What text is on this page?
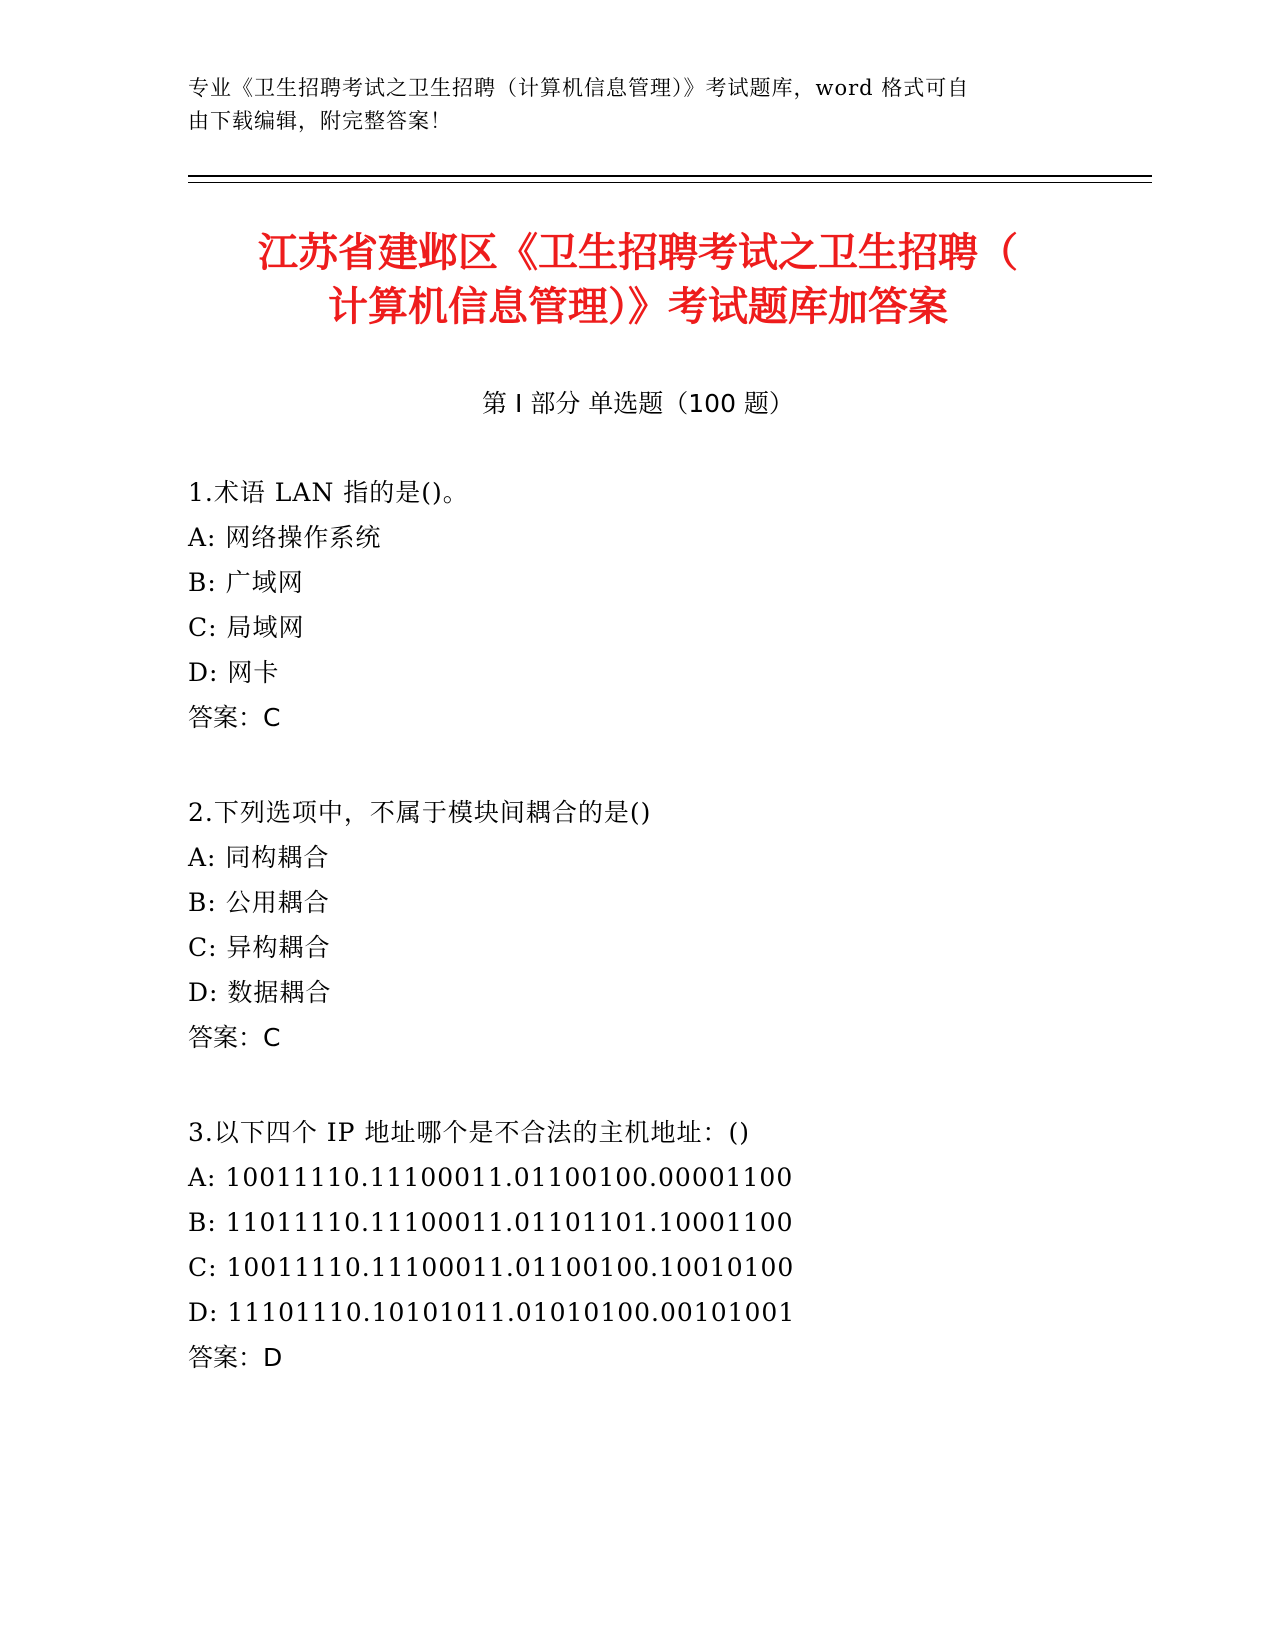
专业《卫生招聘考试之卫生招聘（计算机信息管理）》考试题库，word 格式可自
由下载编辑，附完整答案！
江苏省建邺区《卫生招聘考试之卫生招聘（
计算机信息管理）》考试题库加答案
第 I 部分 单选题（100 题）
1.术语 LAN 指的是()。
A: 网络操作系统
B: 广域网
C: 局域网
D: 网卡
答案：C
2.下列选项中，不属于模块间耦合的是()
A: 同构耦合
B: 公用耦合
C: 异构耦合
D: 数据耦合
答案：C
3.以下四个 IP 地址哪个是不合法的主机地址：()
A: 10011110.11100011.01100100.00001100
B: 11011110.11100011.01101101.10001100
C: 10011110.11100011.01100100.10010100
D: 11101110.10101011.01010100.00101001
答案：D
